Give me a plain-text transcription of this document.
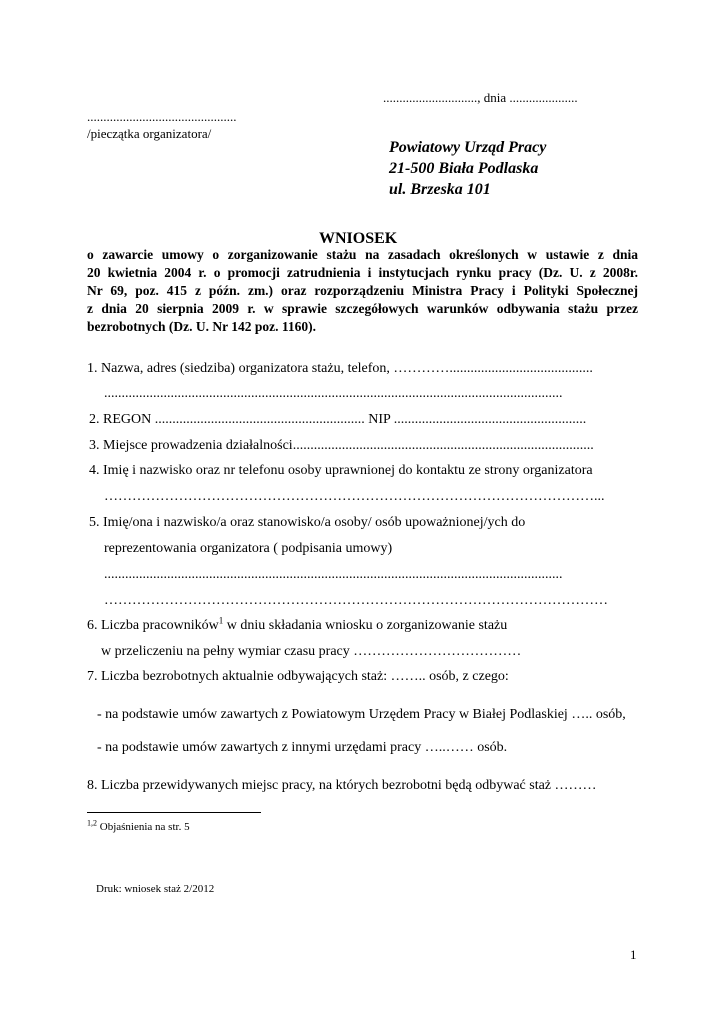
............................., dnia .....................
..............................................
/pieczątka organizatora/
Powiatowy Urząd Pracy
21-500 Biała Podlaska
ul. Brzeska 101
WNIOSEK
o zawarcie umowy o zorganizowanie stażu na zasadach określonych w ustawie z dnia
20 kwietnia 2004 r. o promocji zatrudnienia i instytucjach rynku pracy (Dz. U. z 2008r.
Nr 69, poz. 415 z późn. zm.) oraz rozporządzeniu Ministra Pracy i Polityki Społecznej
z dnia 20 sierpnia 2009 r. w sprawie szczegółowych warunków odbywania stażu przez
bezrobotnych (Dz. U. Nr 142 poz. 1160).
1. Nazwa, adres (siedziba) organizatora stażu, telefon, ………….........................................
...................................................................................................................................
2. REGON ............................................................ NIP .......................................................
3. Miejsce prowadzenia działalności......................................................................................
4. Imię i nazwisko oraz nr telefonu osoby uprawnionej do kontaktu ze strony organizatora
……………………………………………………………………………………………...
5. Imię/ona i nazwisko/a oraz stanowisko/a osoby/ osób upoważnionej/ych do
reprezentowania organizatora ( podpisania umowy)
...................................................................................................................................
………………………………………………………………………………………………
6. Liczba pracowników$^1$ w dniu składania wniosku o zorganizowanie stażu
w przeliczeniu na pełny wymiar czasu pracy ………………………………
7. Liczba bezrobotnych aktualnie odbywających staż: …….. osób, z czego:
- na podstawie umów zawartych z Powiatowym Urzędem Pracy w Białej Podlaskiej ….. osób,
- na podstawie umów zawartych z innymi urzędami pracy …..…… osób.
8. Liczba przewidywanych miejsc pracy, na których bezrobotni będą odbywać staż ………
$^{1,2}$ Objaśnienia na str. 5
Druk: wniosek staż 2/2012
1
